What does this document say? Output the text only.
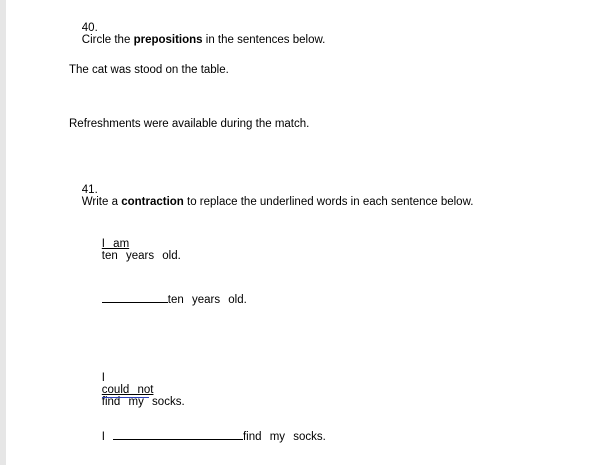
40.
Circle the prepositions in the sentences below.

The cat was stood on the table.
Refreshments were available during the match.

41.
Write a contraction to replace the underlined words in each sentence below.

I am
ten years old.

ten years old.

I
could not
find my socks.

I	find my socks.
